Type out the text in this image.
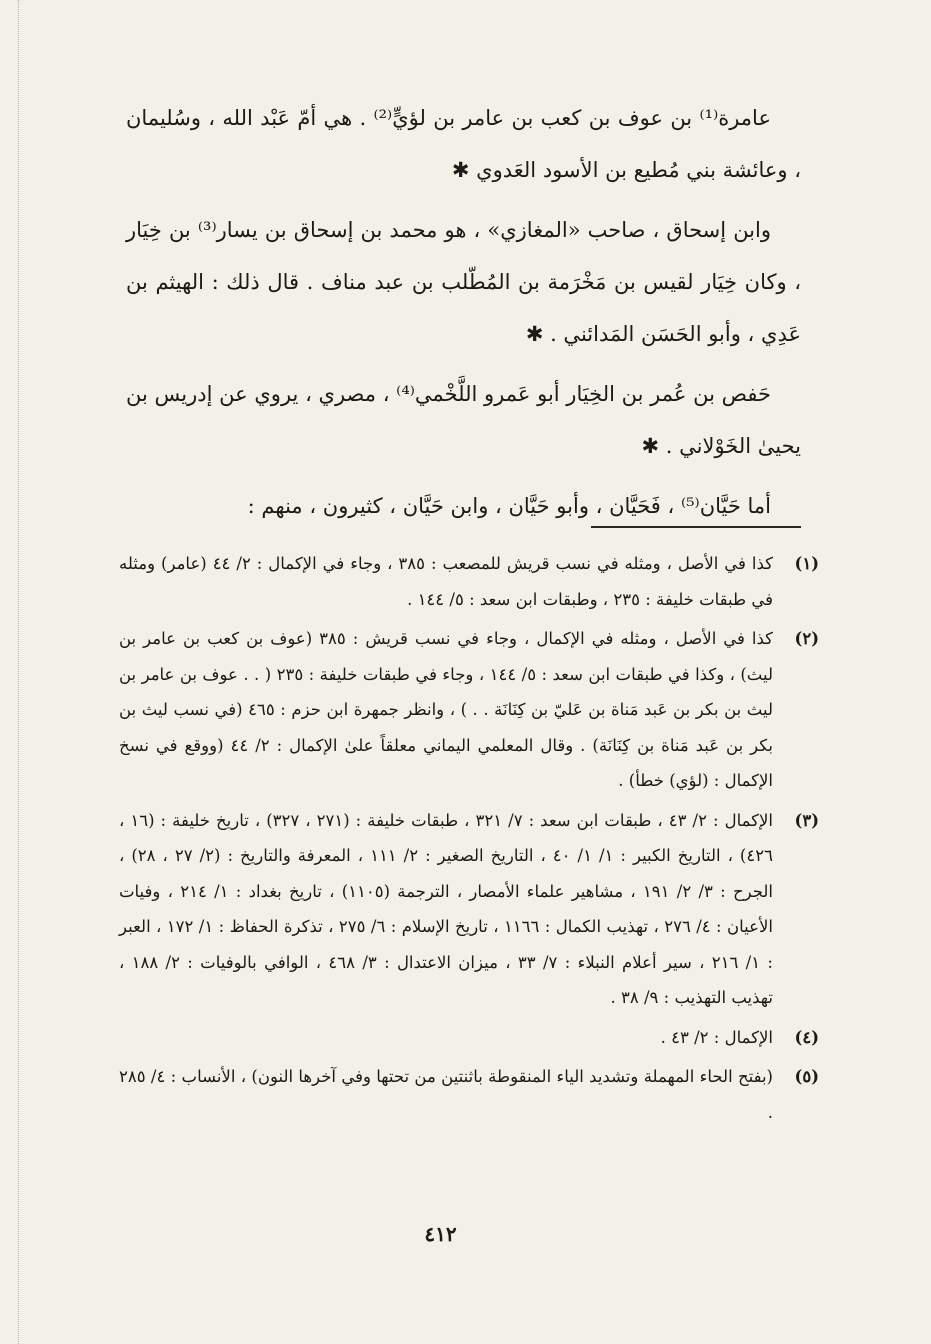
عامرة⁽¹⁾ بن عوف بن كعب بن عامر بن لؤيٍّ⁽²⁾ . هي أمّ عَبْد الله ، وسُليمان ، وعائشة بني مُطيع بن الأسود العَدوي ✱

وابن إسحاق ، صاحب «المغازي» ، هو محمد بن إسحاق بن يسار⁽³⁾ بن خِيَار ، وكان خِيَار لقيس بن مَخْرَمة بن المُطّلب بن عبد مناف . قال ذلك : الهيثم بن عَدِي ، وأبو الحَسَن المَدائني . ✱

حَفص بن عُمر بن الخِيَار أبو عَمرو اللَّخْمي⁽⁴⁾ ، مصري ، يروي عن إدريس بن يحيىٰ الخَوْلاني . ✱

أما حَيَّان⁽⁵⁾ ، فَحَيَّان ، وأبو حَيَّان ، وابن حَيَّان ، كثيرون ، منهم :

(١)
كذا في الأصل ، ومثله في نسب قريش للمصعب : ٣٨٥ ، وجاء في الإكمال : ٢/ ٤٤ (عامر) ومثله في طبقات خليفة : ٢٣٥ ، وطبقات ابن سعد : ٥/ ١٤٤ .
(٢)
كذا في الأصل ، ومثله في الإكمال ، وجاء في نسب قريش : ٣٨٥ (عوف بن كعب بن عامر بن ليث) ، وكذا في طبقات ابن سعد : ٥/ ١٤٤ ، وجاء في طبقات خليفة : ٢٣٥ ( . . عوف بن عامر بن ليث بن بكر بن عَبد مَناة بن عَليّ بن كِنَانَة . . ) ، وانظر جمهرة ابن حزم : ٤٦٥ (في نسب ليث بن بكر بن عَبد مَناة بن كِنَانَة) . وقال المعلمي اليماني معلقاً علىٰ الإكمال : ٢/ ٤٤ (ووقع في نسخ الإكمال : (لؤي) خطأ) .
(٣)
الإكمال : ٢/ ٤٣ ، طبقات ابن سعد : ٧/ ٣٢١ ، طبقات خليفة : (٢٧١ ، ٣٢٧) ، تاريخ خليفة : (١٦ ، ٤٢٦) ، التاريخ الكبير : ١/ ١/ ٤٠ ، التاريخ الصغير : ٢/ ١١١ ، المعرفة والتاريخ : (٢/ ٢٧ ، ٢٨) ، الجرح : ٣/ ٢/ ١٩١ ، مشاهير علماء الأمصار ، الترجمة (١١٠٥) ، تاريخ بغداد : ١/ ٢١٤ ، وفيات الأعيان : ٤/ ٢٧٦ ، تهذيب الكمال : ١١٦٦ ، تاريخ الإسلام : ٦/ ٢٧٥ ، تذكرة الحفاظ : ١/ ١٧٢ ، العبر : ١/ ٢١٦ ، سير أعلام النبلاء : ٧/ ٣٣ ، ميزان الاعتدال : ٣/ ٤٦٨ ، الوافي بالوفيات : ٢/ ١٨٨ ، تهذيب التهذيب : ٩/ ٣٨ .
(٤)
الإكمال : ٢/ ٤٣ .
(٥)
(بفتح الحاء المهملة وتشديد الياء المنقوطة باثنتين من تحتها وفي آخرها النون) ، الأنساب : ٤/ ٢٨٥ .
٤١٢
